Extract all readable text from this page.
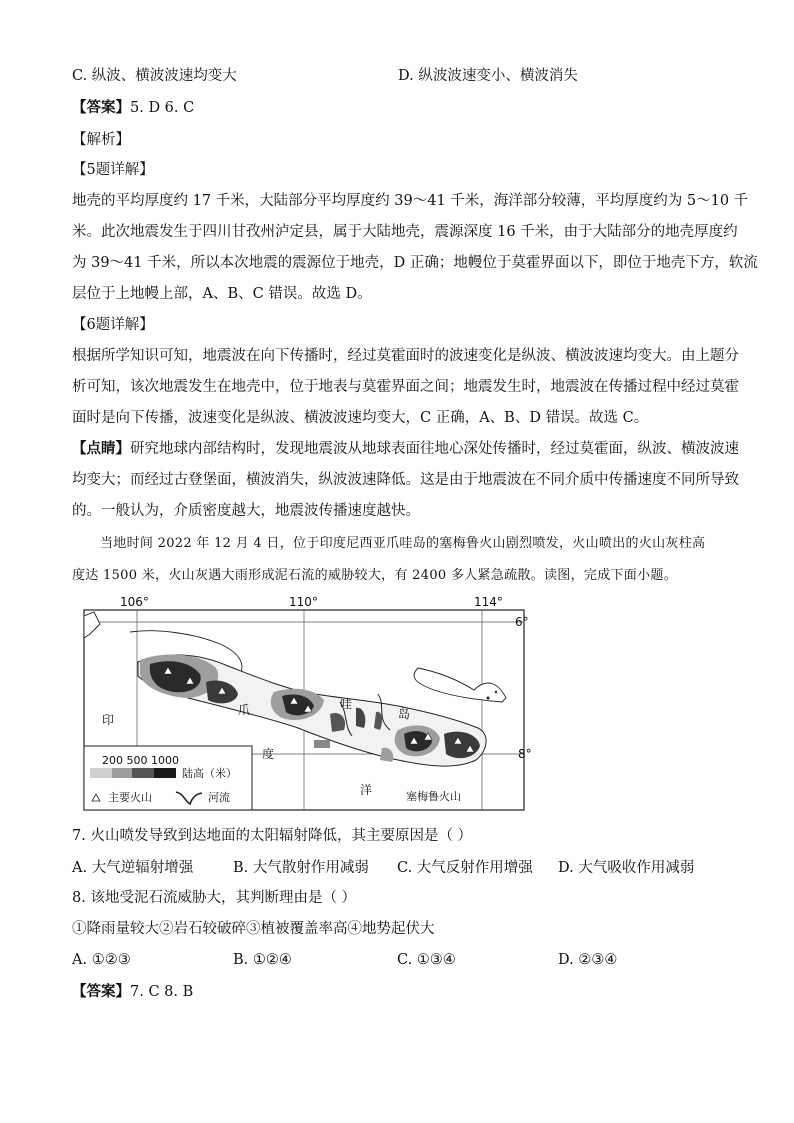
C. 纵波、横波波速均变大	D. 纵波波速变小、横波消失
【答案】5. D 6. C
【解析】
【5题详解】
地壳的平均厚度约 17 千米，大陆部分平均厚度约 39～41 千米，海洋部分较薄，平均厚度约为 5～10 千
米。此次地震发生于四川甘孜州泸定县，属于大陆地壳，震源深度 16 千米，由于大陆部分的地壳厚度约
为 39～41 千米，所以本次地震的震源位于地壳，D 正确；地幔位于莫霍界面以下，即位于地壳下方，软流
层位于上地幔上部，A、B、C 错误。故选 D。
【6题详解】
根据所学知识可知，地震波在向下传播时，经过莫霍面时的波速变化是纵波、横波波速均变大。由上题分
析可知，该次地震发生在地壳中，位于地表与莫霍界面之间；地震发生时，地震波在传播过程中经过莫霍
面时是向下传播，波速变化是纵波、横波波速均变大，C 正确，A、B、D 错误。故选 C。
【点睛】研究地球内部结构时，发现地震波从地球表面往地心深处传播时，经过莫霍面，纵波、横波波速
均变大；而经过古登堡面，横波消失，纵波波速降低。这是由于地震波在不同介质中传播速度不同所导致
的。一般认为，介质密度越大，地震波传播速度越快。
当地时间 2022 年 12 月 4 日，位于印度尼西亚爪哇岛的塞梅鲁火山剧烈喷发，火山喷出的火山灰柱高
度达 1500 米，火山灰遇大雨形成泥石流的威胁较大，有 2400 多人紧急疏散。读图，完成下面小题。
106°	110°	114°
6°
8°
爪	哇
岛
印
度
洋	塞梅鲁火山
200 500 1000
陆高（米）
主要火山	河流
7. 火山喷发导致到达地面的太阳辐射降低，其主要原因是（ ）
A. 大气逆辐射增强	B. 大气散射作用减弱 C. 大气反射作用增强 D. 大气吸收作用减弱
8. 该地受泥石流威胁大，其判断理由是（ ）
①降雨量较大②岩石较破碎③植被覆盖率高④地势起伏大
A. ①②③	B. ①②④	C. ①③④	D. ②③④
【答案】7. C 8. B
